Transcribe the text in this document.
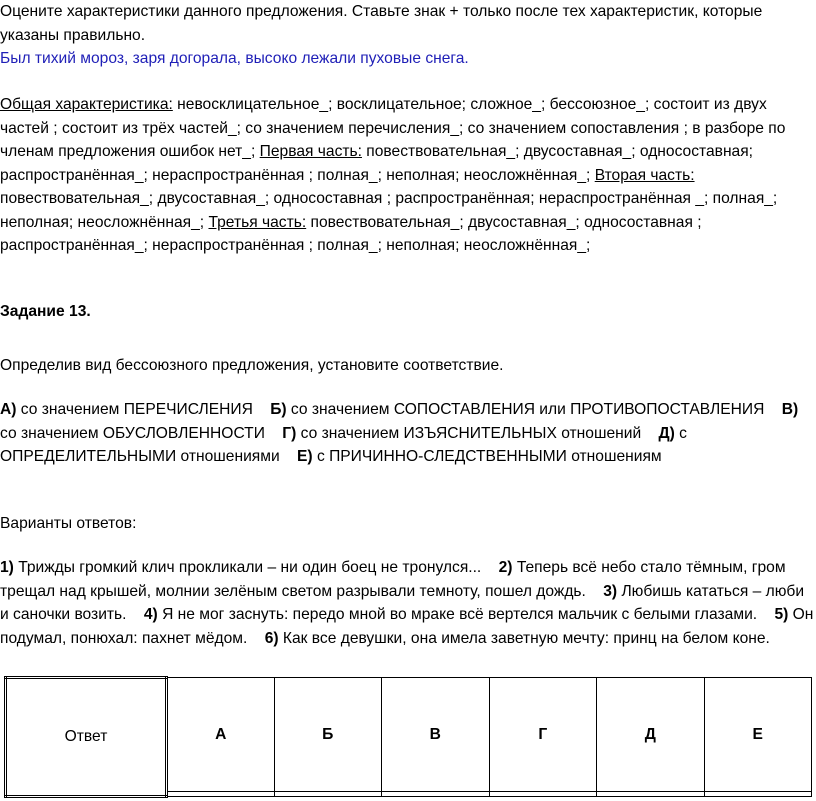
Оцените характеристики данного предложения. Ставьте знак + только после тех характеристик, которые указаны правильно.

Был тихий мороз, заря догорала, высоко лежали пуховые снега.

Общая характеристика: невосклицательное_; восклицательное; сложное_; бессоюзное_; состоит из двух частей ; состоит из трёх частей_; со значением перечисления_; со значением сопоставления ; в разборе по членам предложения ошибок нет_; Первая часть: повествовательная_; двусоставная_; односоставная; распространённая_; нераспространённая ; полная_; неполная; неосложнённая_; Вторая часть: повествовательная_; двусоставная_; односоставная ; распространённая; нераспространённая _; полная_; неполная; неосложнённая_; Третья часть: повествовательная_; двусоставная_; односоставная ; распространённая_; нераспространённая ; полная_; неполная; неосложнённая_;

Задание 13.

Определив вид бессоюзного предложения, установите соответствие.

А) со значением ПЕРЕЧИСЛЕНИЯ Б) со значением СОПОСТАВЛЕНИЯ или ПРОТИВОПОСТАВЛЕНИЯ В) со значением ОБУСЛОВЛЕННОСТИ Г) со значением ИЗЪЯСНИТЕЛЬНЫХ отношений Д) с ОПРЕДЕЛИТЕЛЬНЫМИ отношениями Е) с ПРИЧИННО-СЛЕДСТВЕННЫМИ отношениям

Варианты ответов:

1) Трижды громкий клич прокликали – ни один боец не тронулся... 2) Теперь всё небо стало тёмным, гром трещал над крышей, молнии зелёным светом разрывали темноту, пошел дождь. 3) Любишь кататься – люби и саночки возить. 4) Я не мог заснуть: передо мной во мраке всё вертелся мальчик с белыми глазами. 5) Он подумал, понюхал: пахнет мёдом. 6) Как все девушки, она имела заветную мечту: принц на белом коне.

Ответ	А	Б	В	Г	Д	Е
